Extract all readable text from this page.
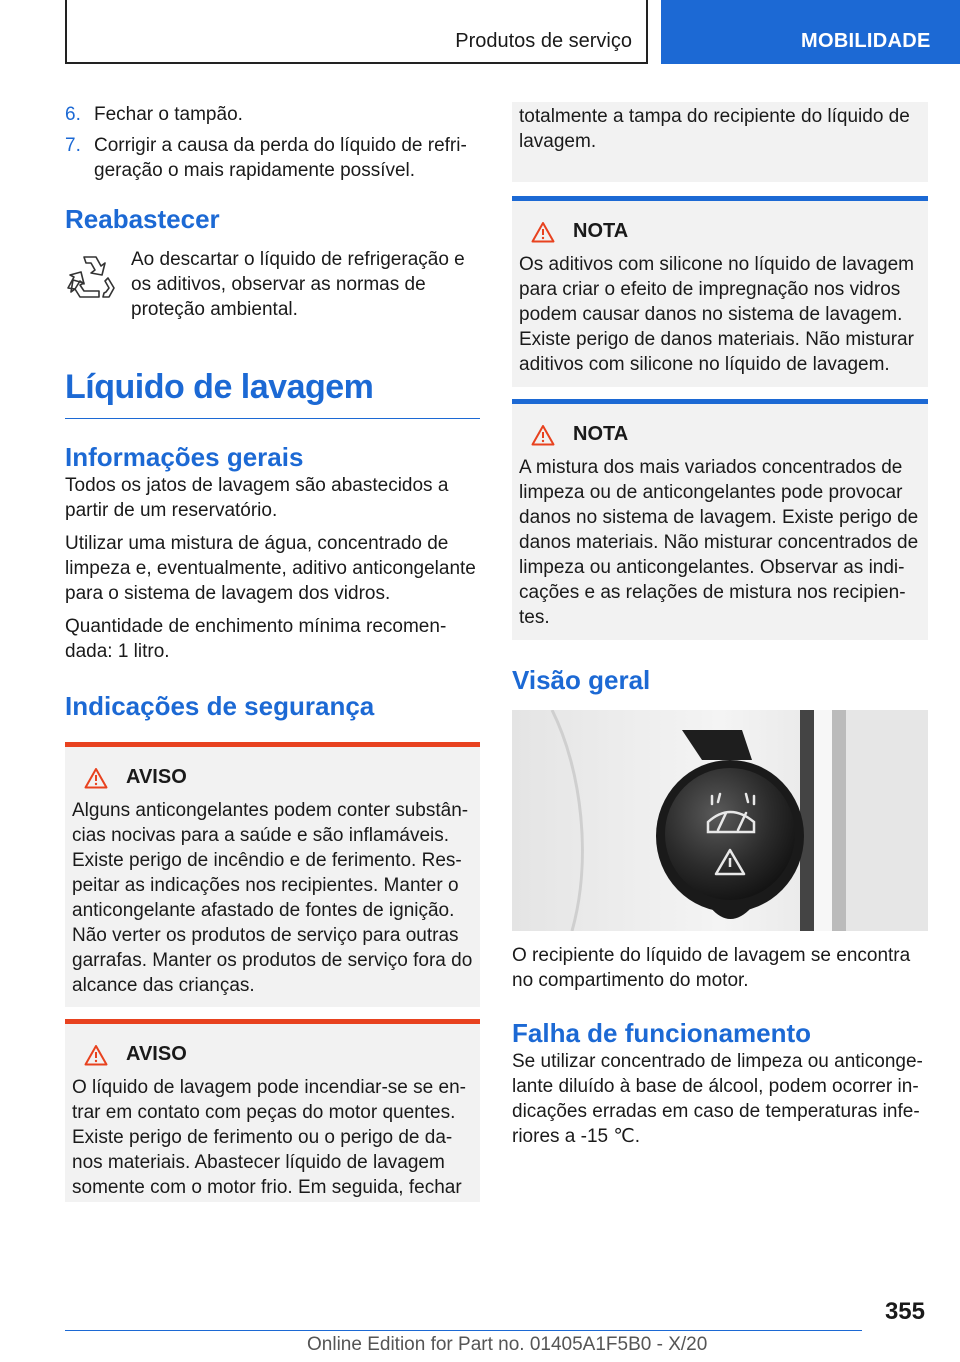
Produtos de serviço	MOBILIDADE
6. Fechar o tampão.
7. Corrigir a causa da perda do líquido de refrigeração o mais rapidamente possível.
Reabastecer

Ao descartar o líquido de refrigeração e os aditivos, observar as normas de proteção ambiental.

Líquido de lavagem
Informações gerais

Todos os jatos de lavagem são abastecidos a partir de um reservatório.

Utilizar uma mistura de água, concentrado de limpeza e, eventualmente, aditivo anticongelante para o sistema de lavagem dos vidros.

Quantidade de enchimento mínima recomendada: 1 litro.

Indicações de segurança
AVISO

Alguns anticongelantes podem conter substâncias nocivas para a saúde e são inflamáveis. Existe perigo de incêndio e de ferimento. Respeitar as indicações nos recipientes. Manter o anticongelante afastado de fontes de ignição. Não verter os produtos de serviço para outras garrafas. Manter os produtos de serviço fora do alcance das crianças.

AVISO

O líquido de lavagem pode incendiar-se se entrar em contato com peças do motor quentes. Existe perigo de ferimento ou o perigo de danos materiais. Abastecer líquido de lavagem somente com o motor frio. Em seguida, fechar

totalmente a tampa do recipiente do líquido de lavagem.

NOTA

Os aditivos com silicone no líquido de lavagem para criar o efeito de impregnação nos vidros podem causar danos no sistema de lavagem. Existe perigo de danos materiais. Não misturar aditivos com silicone no líquido de lavagem.

NOTA

A mistura dos mais variados concentrados de limpeza ou de anticongelantes pode provocar danos no sistema de lavagem. Existe perigo de danos materiais. Não misturar concentrados de limpeza ou anticongelantes. Observar as indicações e as relações de mistura nos recipientes.

Visão geral

O recipiente do líquido de lavagem se encontra no compartimento do motor.

Falha de funcionamento

Se utilizar concentrado de limpeza ou anticongelante diluído à base de álcool, podem ocorrer indicações erradas em caso de temperaturas inferiores a -15 ℃.

355
Online Edition for Part no. 01405A1F5B0 - X/20
